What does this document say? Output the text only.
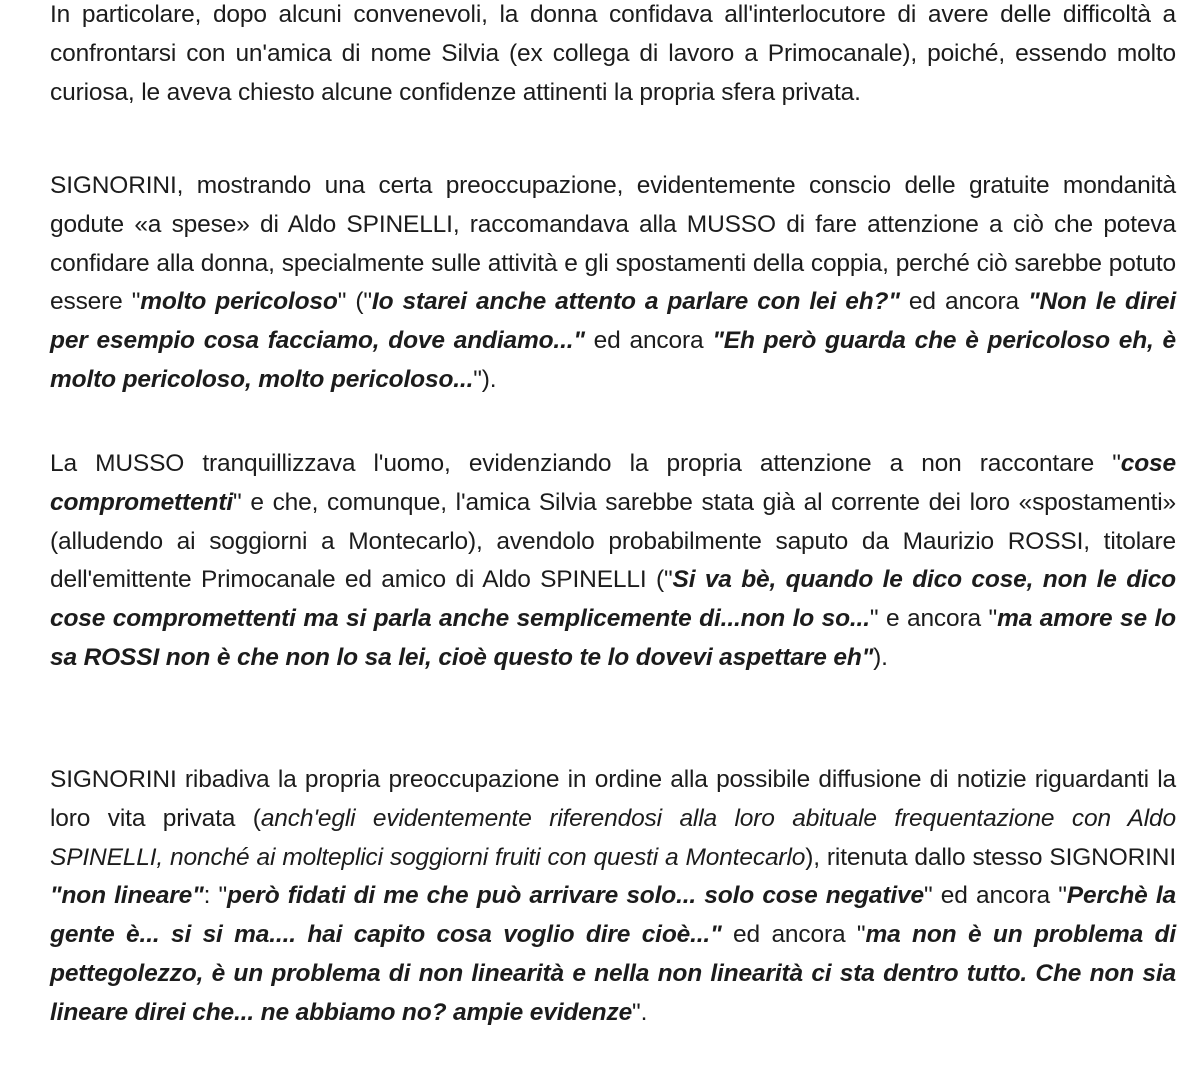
In particolare, dopo alcuni convenevoli, la donna confidava all'interlocutore di avere delle difficoltà a confrontarsi con un'amica di nome Silvia (ex collega di lavoro a Primocanale), poiché, essendo molto curiosa, le aveva chiesto alcune confidenze attinenti la propria sfera privata.

SIGNORINI, mostrando una certa preoccupazione, evidentemente conscio delle gratuite mondanità godute «a spese» di Aldo SPINELLI, raccomandava alla MUSSO di fare attenzione a ciò che poteva confidare alla donna, specialmente sulle attività e gli spostamenti della coppia, perché ciò sarebbe potuto essere "molto pericoloso" ("Io starei anche attento a parlare con lei eh?" ed ancora "Non le direi per esempio cosa facciamo, dove andiamo..." ed ancora "Eh però guarda che è pericoloso eh, è molto pericoloso, molto pericoloso...").

La MUSSO tranquillizzava l'uomo, evidenziando la propria attenzione a non raccontare "cose compromettenti" e che, comunque, l'amica Silvia sarebbe stata già al corrente dei loro «spostamenti» (alludendo ai soggiorni a Montecarlo), avendolo probabilmente saputo da Maurizio ROSSI, titolare dell'emittente Primocanale ed amico di Aldo SPINELLI ("Si va bè, quando le dico cose, non le dico cose compromettenti ma si parla anche semplicemente di...non lo so..." e ancora "ma amore se lo sa ROSSI non è che non lo sa lei, cioè questo te lo dovevi aspettare eh").

SIGNORINI ribadiva la propria preoccupazione in ordine alla possibile diffusione di notizie riguardanti la loro vita privata (anch'egli evidentemente riferendosi alla loro abituale frequentazione con Aldo SPINELLI, nonché ai molteplici soggiorni fruiti con questi a Montecarlo), ritenuta dallo stesso SIGNORINI "non lineare": "però fidati di me che può arrivare solo... solo cose negative" ed ancora "Perchè la gente è... si si ma.... hai capito cosa voglio dire cioè..." ed ancora "ma non è un problema di pettegolezzo, è un problema di non linearità e nella non linearità ci sta dentro tutto. Che non sia lineare direi che... ne abbiamo no? ampie evidenze".
